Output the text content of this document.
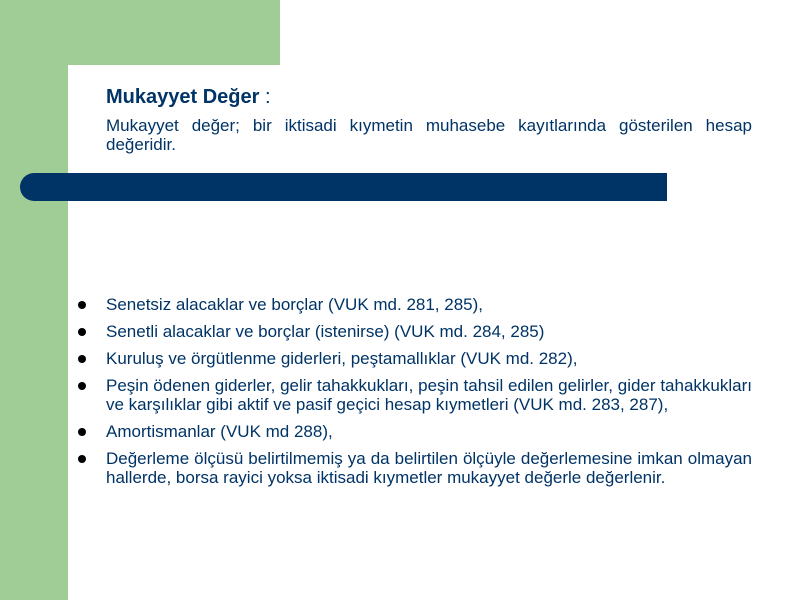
Mukayyet Değer :

Mukayyet değer; bir iktisadi kıymetin muhasebe kayıtlarında gösterilen hesap değeridir.

Senetsiz alacaklar ve borçlar (VUK md. 281, 285),
Senetli alacaklar ve borçlar (istenirse) (VUK md. 284, 285)
Kuruluş ve örgütlenme giderleri, peştamallıklar (VUK md. 282),
Peşin ödenen giderler, gelir tahakkukları, peşin tahsil edilen gelirler, gider tahakkukları ve karşılıklar gibi aktif ve pasif geçici hesap kıymetleri (VUK md. 283, 287),
Amortismanlar (VUK md 288),
Değerleme ölçüsü belirtilmemiş ya da belirtilen ölçüyle değerlemesine imkan olmayan hallerde, borsa rayici yoksa iktisadi kıymetler mukayyet değerle değerlenir.
